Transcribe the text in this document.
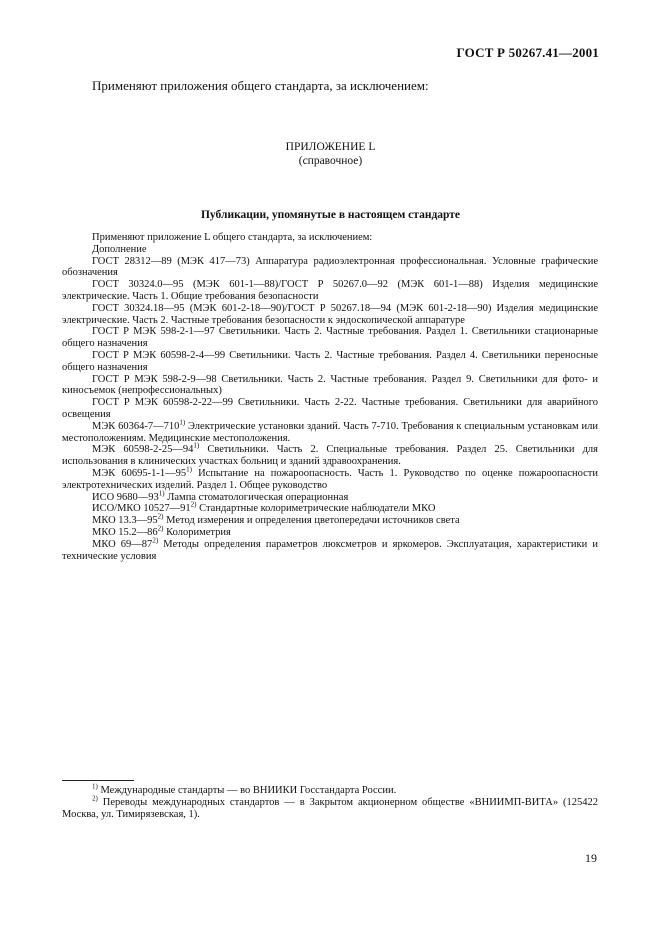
ГОСТ Р 50267.41—2001
Применяют приложения общего стандарта, за исключением:
ПРИЛОЖЕНИЕ L
(справочное)
Публикации, упомянутые в настоящем стандарте

Применяют приложение L общего стандарта, за исключением:

Дополнение

ГОСТ 28312—89 (МЭК 417—73) Аппаратура радиоэлектронная профессиональная. Условные графические обозначения

ГОСТ 30324.0—95 (МЭК 601-1—88)/ГОСТ Р 50267.0—92 (МЭК 601-1—88) Изделия медицинские электрические. Часть 1. Общие требования безопасности

ГОСТ 30324.18—95 (МЭК 601-2-18—90)/ГОСТ Р 50267.18—94 (МЭК 601-2-18—90) Изделия медицинские электрические. Часть 2. Частные требования безопасности к эндоскопической аппаратуре

ГОСТ Р МЭК 598-2-1—97 Светильники. Часть 2. Частные требования. Раздел 1. Светильники стационарные общего назначения

ГОСТ Р МЭК 60598-2-4—99 Светильники. Часть 2. Частные требования. Раздел 4. Светильники переносные общего назначения

ГОСТ Р МЭК 598-2-9—98 Светильники. Часть 2. Частные требования. Раздел 9. Светильники для фото- и киносъемок (непрофессиональных)

ГОСТ Р МЭК 60598-2-22—99 Светильники. Часть 2-22. Частные требования. Светильники для аварийного освещения

МЭК 60364-7—710$^{1)}$ Электрические установки зданий. Часть 7-710. Требования к специальным установкам или местоположениям. Медицинские местоположения.

МЭК 60598-2-25—94$^{1)}$ Светильники. Часть 2. Специальные требования. Раздел 25. Светильники для использования в клинических участках больниц и зданий здравоохранения.

МЭК 60695-1-1—95$^{1)}$ Испытание на пожароопасность. Часть 1. Руководство по оценке пожароопасности электротехнических изделий. Раздел 1. Общее руководство

ИСО 9680—93$^{1)}$ Лампа стоматологическая операционная

ИСО/МКО 10527—91$^{2)}$ Стандартные колориметрические наблюдатели МКО

МКО 13.3—95$^{2)}$ Метод измерения и определения цветопередачи источников света

МКО 15.2—86$^{2)}$ Колориметрия

МКО 69—87$^{2)}$ Методы определения параметров люксметров и яркомеров. Эксплуатация, характеристики и технические условия

$^{1)}$ Международные стандарты — во ВНИИКИ Госстандарта России.

$^{2)}$ Переводы международных стандартов — в Закрытом акционерном обществе «ВНИИМП-ВИТА» (125422 Москва, ул. Тимирязевская, 1).

19
